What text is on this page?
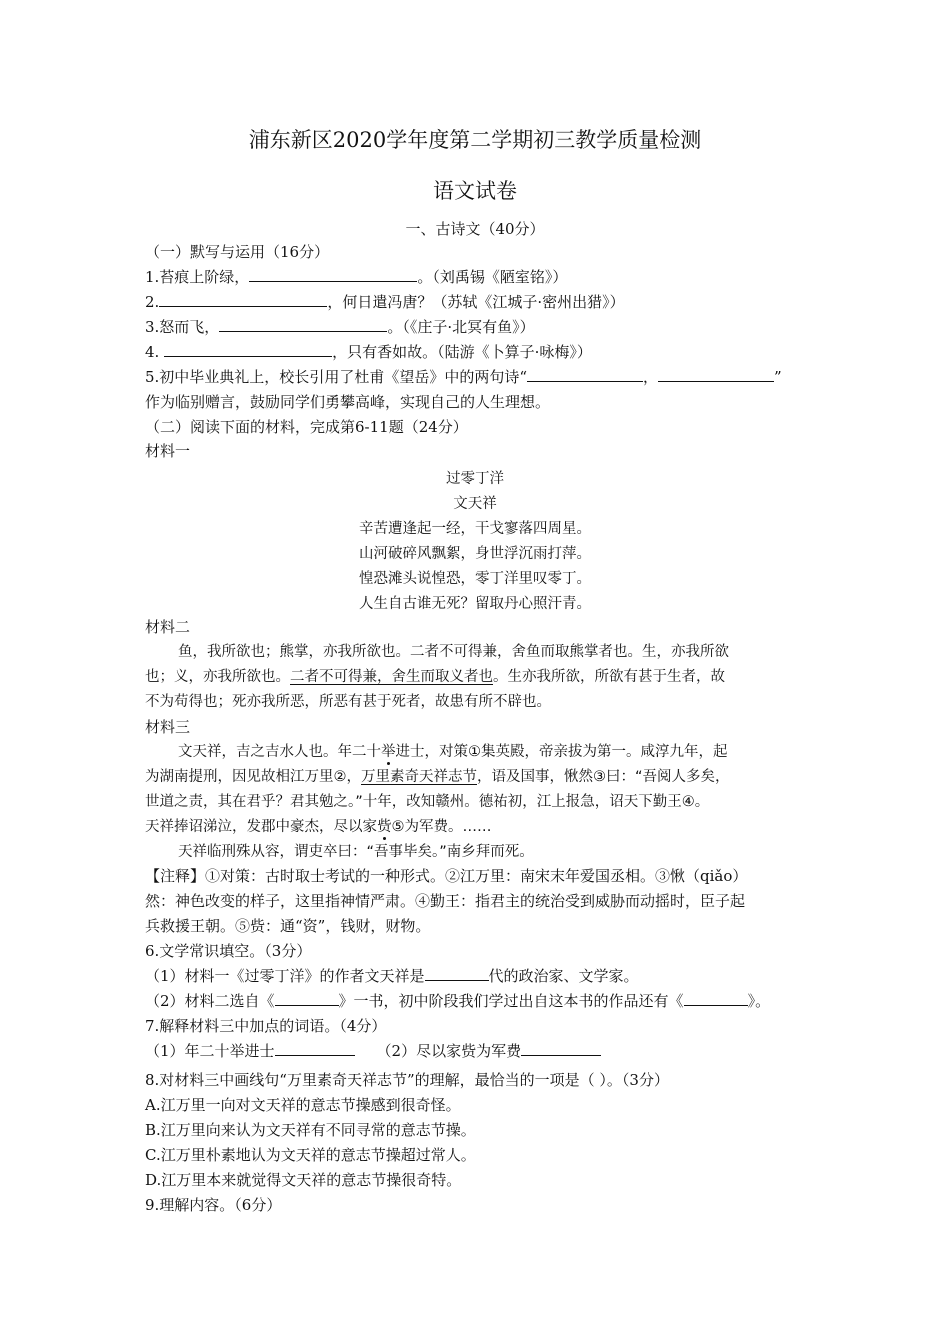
浦东新区2020学年度第二学期初三教学质量检测
语文试卷
一、古诗文（40分）
（一）默写与运用（16分）
1.苔痕上阶绿，	。（刘禹锡《陋室铭》）
2.	，何日遣冯唐？（苏轼《江城子·密州出猎》）
3.怒而飞，	。（《庄子·北冥有鱼》）
4.	，只有香如故。（陆游《卜算子·咏梅》）
5.初中毕业典礼上，校长引用了杜甫《望岳》中的两句诗“	，	”
作为临别赠言，鼓励同学们勇攀高峰，实现自己的人生理想。
（二）阅读下面的材料，完成第6-11题（24分）
材料一
过零丁洋
文天祥
辛苦遭逢起一经，干戈寥落四周星。
山河破碎风飘絮，身世浮沉雨打萍。
惶恐滩头说惶恐，零丁洋里叹零丁。
人生自古谁无死？留取丹心照汗青。
材料二
鱼，我所欲也；熊掌，亦我所欲也。二者不可得兼，舍鱼而取熊掌者也。生，亦我所欲
也；义，亦我所欲也。二者不可得兼，舍生而取义者也。生亦我所欲，所欲有甚于生者，故
不为苟得也；死亦我所恶，所恶有甚于死者，故患有所不辟也。
材料三
文天祥，吉之吉水人也。年二十举进士，对策①集英殿，帝亲拔为第一。咸淳九年，起
为湖南提刑，因见故相江万里②，万里素奇天祥志节，语及国事，愀然③曰：“吾阅人多矣，
世道之责，其在君乎？君其勉之。”十年，改知赣州。德祐初，江上报急，诏天下勤王④。
天祥捧诏涕泣，发郡中豪杰，尽以家赀⑤为军费。……
天祥临刑殊从容，谓吏卒曰：“吾事毕矣。”南乡拜而死。
【注释】①对策：古时取士考试的一种形式。②江万里：南宋末年爱国丞相。③愀（qiǎo）
然：神色改变的样子，这里指神情严肃。④勤王：指君主的统治受到威胁而动摇时，臣子起
兵救援王朝。⑤赀：通“资”，钱财，财物。
6.文学常识填空。（3分）
（1）材料一《过零丁洋》的作者文天祥是	代的政治家、文学家。
（2）材料二选自《	》一书，初中阶段我们学过出自这本书的作品还有《	》。
7.解释材料三中加点的词语。（4分）
（1）年二十举进士	（2）尽以家赀为军费
8.对材料三中画线句“万里素奇天祥志节”的理解，最恰当的一项是（ ）。（3分）
A.江万里一向对文天祥的意志节操感到很奇怪。
B.江万里向来认为文天祥有不同寻常的意志节操。
C.江万里朴素地认为文天祥的意志节操超过常人。
D.江万里本来就觉得文天祥的意志节操很奇特。
9.理解内容。（6分）
